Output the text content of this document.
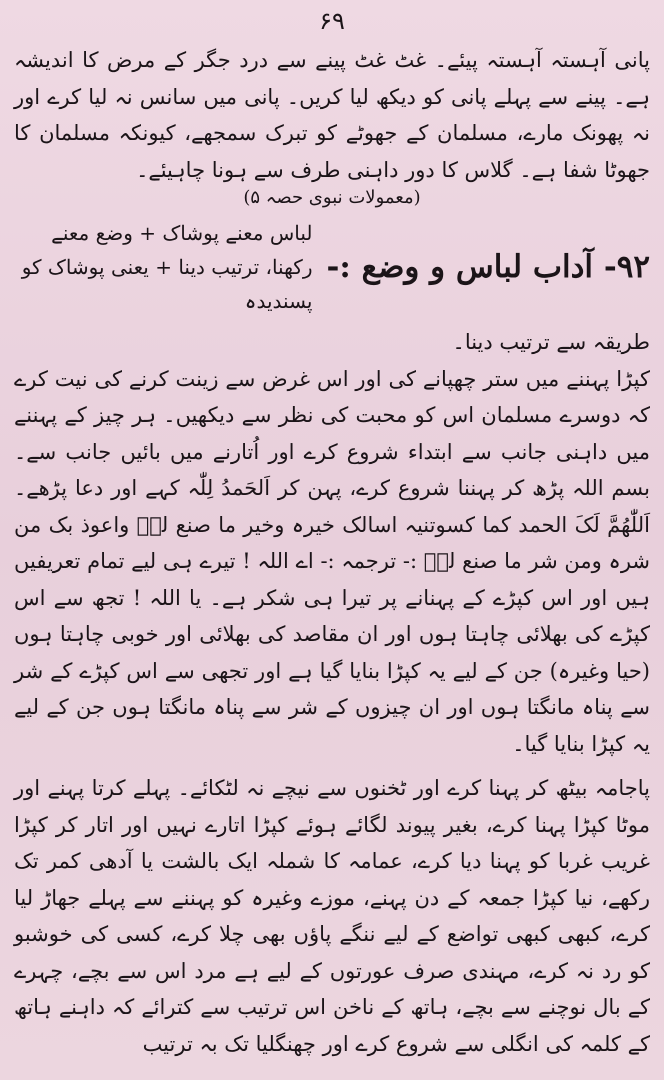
۶۹

پانی آہستہ آہستہ پیئے۔ غٹ غٹ پینے سے درد جگر کے مرض کا اندیشہ ہے۔ پینے سے پہلے پانی کو دیکھ لیا کریں۔ پانی میں سانس نہ لیا کرے اور نہ پھونک مارے، مسلمان کے جھوٹے کو تبرک سمجھے، کیونکہ مسلمان کا جھوٹا شفا ہے۔ گلاس کا دور داہنی طرف سے ہونا چاہیئے۔

(معمولات نبوی حصہ ۵)
۹۲- آداب لباس و وضع :-
لباس معنے پوشاک + وضع معنے رکھنا، ترتیب دینا + یعنی پوشاک کو پسندیدہ

طریقہ سے ترتیب دینا۔

کپڑا پہننے میں ستر چھپانے کی اور اس غرض سے زینت کرنے کی نیت کرے کہ دوسرے مسلمان اس کو محبت کی نظر سے دیکھیں۔ ہر چیز کے پہننے میں داہنی جانب سے ابتداء شروع کرے اور اُتارنے میں بائیں جانب سے۔ بسم اللہ پڑھ کر پہننا شروع کرے، پہن کر اَلحَمدُ لِلّٰہ کہے اور دعا پڑھے۔ اَللّٰھُمَّ لَکَ الحمد کما کسوتنیہ اسالک خیرہ وخیر ما صنع لہٗ واعوذ بک من شرہ ومن شر ما صنع لہٗ :- ترجمہ :- اے اللہ ! تیرے ہی لیے تمام تعریفیں ہیں اور اس کپڑے کے پہنانے پر تیرا ہی شکر ہے۔ یا اللہ ! تجھ سے اس کپڑے کی بھلائی چاہتا ہوں اور ان مقاصد کی بھلائی اور خوبی چاہتا ہوں (حیا وغیرہ) جن کے لیے یہ کپڑا بنایا گیا ہے اور تجھی سے اس کپڑے کے شر سے پناہ مانگتا ہوں اور ان چیزوں کے شر سے پناہ مانگتا ہوں جن کے لیے یہ کپڑا بنایا گیا۔

پاجامہ بیٹھ کر پہنا کرے اور ٹخنوں سے نیچے نہ لٹکائے۔ پہلے کرتا پہنے اور موٹا کپڑا پہنا کرے، بغیر پیوند لگائے ہوئے کپڑا اتارے نہیں اور اتار کر کپڑا غریب غربا کو پہنا دیا کرے، عمامہ کا شملہ ایک بالشت یا آدھی کمر تک رکھے، نیا کپڑا جمعہ کے دن پہنے، موزے وغیرہ کو پہننے سے پہلے جھاڑ لیا کرے، کبھی کبھی تواضع کے لیے ننگے پاؤں بھی چلا کرے، کسی کی خوشبو کو رد نہ کرے، مہندی صرف عورتوں کے لیے ہے مرد اس سے بچے، چہرے کے بال نوچنے سے بچے، ہاتھ کے ناخن اس ترتیب سے کترائے کہ داہنے ہاتھ کے کلمہ کی انگلی سے شروع کرے اور چھنگلیا تک بہ ترتیب
